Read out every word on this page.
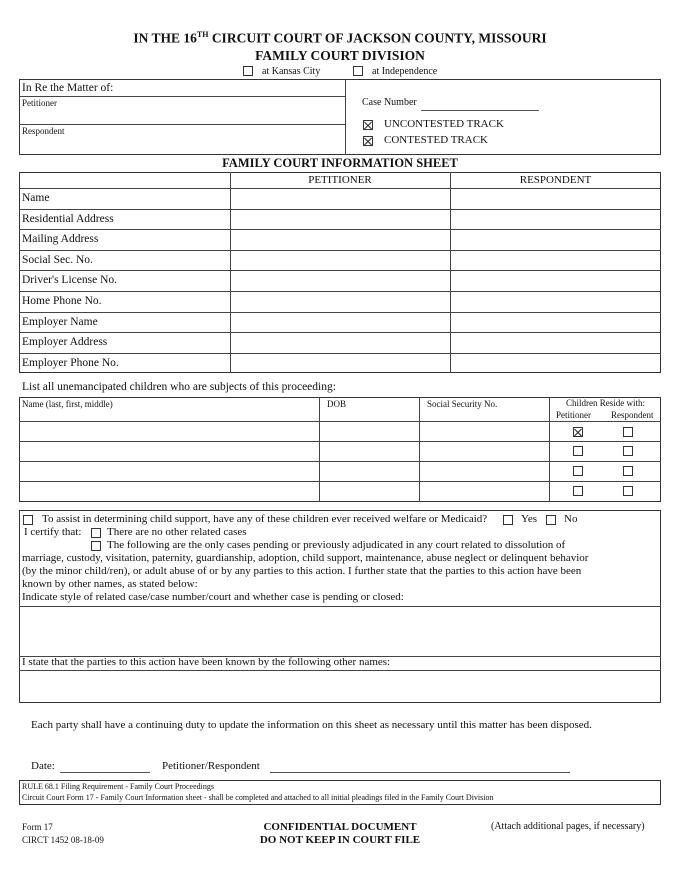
IN THE 16TH CIRCUIT COURT OF JACKSON COUNTY, MISSOURI
FAMILY COURT DIVISION
at Kansas City	at Independence
In Re the Matter of:
Petitioner
Respondent
Case Number
UNCONTESTED TRACK
CONTESTED TRACK
FAMILY COURT INFORMATION SHEET
PETITIONER	RESPONDENT
Name
Residential Address
Mailing Address
Social Sec. No.
Driver's License No.
Home Phone No.
Employer Name
Employer Address
Employer Phone No.
List all unemancipated children who are subjects of this proceeding:
Name (last, first, middle)	DOB	Social Security No.	Children Reside with:
Petitioner Respondent
To assist in determining child support, have any of these children ever received welfare or Medicaid?	Yes No
I certify that: There are no other related cases
The following are the only cases pending or previously adjudicated in any court related to dissolution of
marriage, custody, visitation, paternity, guardianship, adoption, child support, maintenance, abuse neglect or delinquent behavior
(by the minor child/ren), or adult abuse of or by any parties to this action. I further state that the parties to this action have been
known by other names, as stated below:
Indicate style of related case/case number/court and whether case is pending or closed:
I state that the parties to this action have been known by the following other names:
Each party shall have a continuing duty to update the information on this sheet as necessary until this matter has been disposed.
Date:	Petitioner/Respondent
RULE 68.1 Filing Requirement - Family Court Proceedings
Circuit Court Form 17 - Family Court Information sheet - shall be completed and attached to all initial pleadings filed in the Family Court Division
Form 17
CIRCT 1452 08-18-09
CONFIDENTIAL DOCUMENT
DO NOT KEEP IN COURT FILE
(Attach additional pages, if necessary)
